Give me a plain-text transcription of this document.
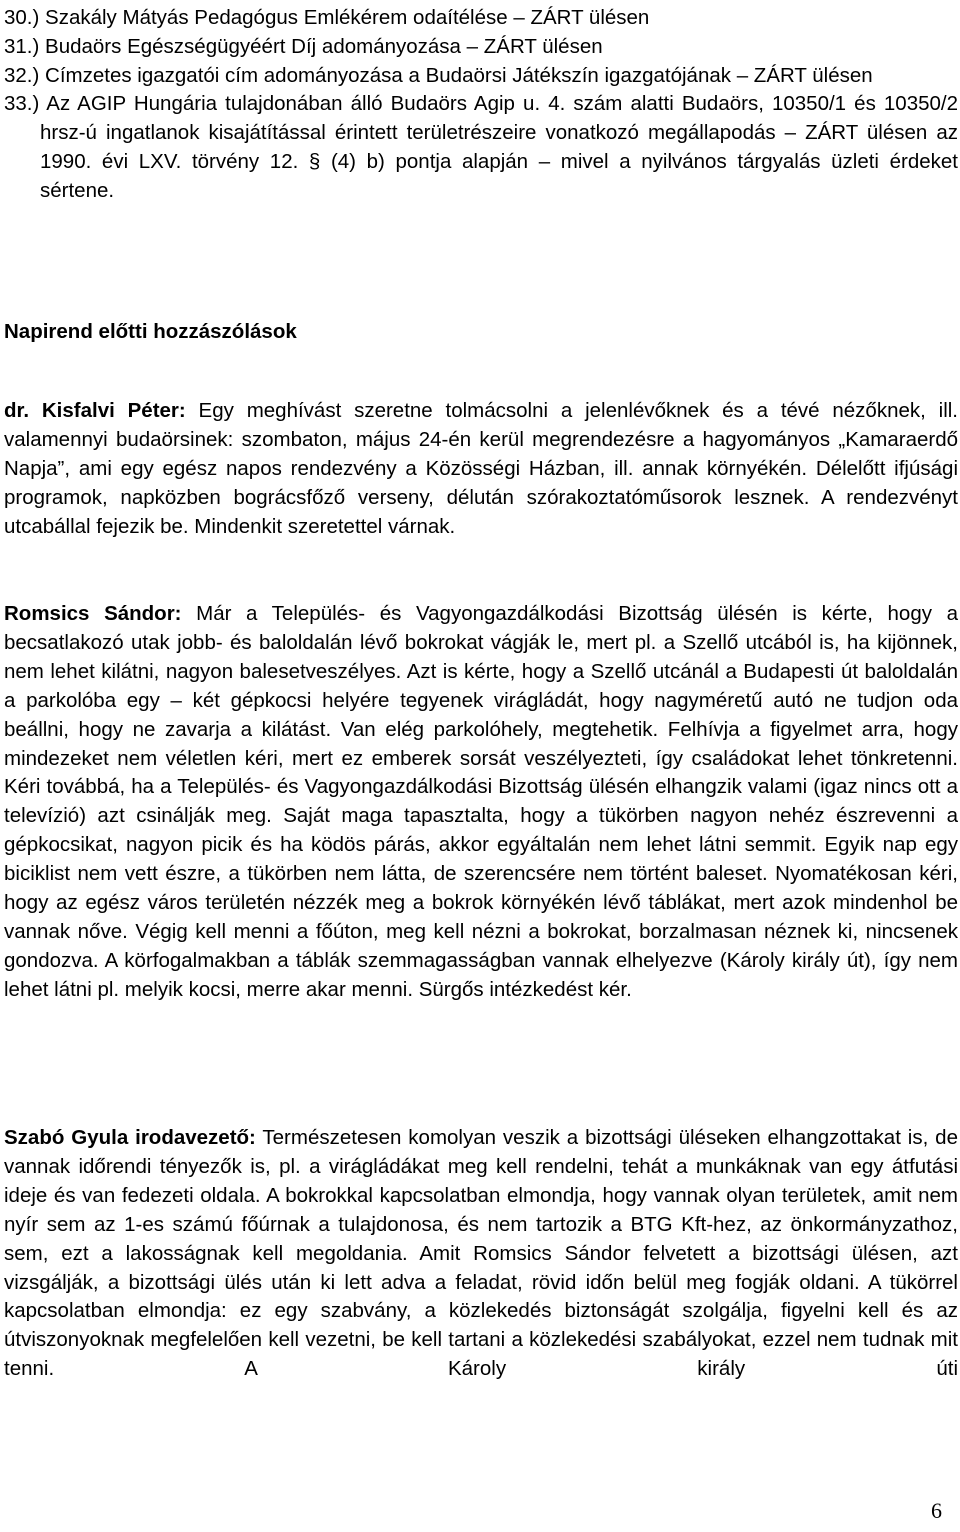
30.) Szakály Mátyás Pedagógus Emlékérem odaítélése – ZÁRT ülésen
31.) Budaörs Egészségügyéért Díj adományozása – ZÁRT ülésen
32.) Címzetes igazgatói cím adományozása a Budaörsi Játékszín igazgatójának – ZÁRT ülésen
33.) Az AGIP Hungária tulajdonában álló Budaörs Agip u. 4. szám alatti Budaörs, 10350/1 és 10350/2 hrsz-ú ingatlanok kisajátítással érintett területrészeire vonatkozó megállapodás – ZÁRT ülésen az 1990. évi LXV. törvény 12. § (4) b) pontja alapján – mivel a nyilvános tárgyalás üzleti érdeket sértene.
Napirend előtti hozzászólások

dr. Kisfalvi Péter: Egy meghívást szeretne tolmácsolni a jelenlévőknek és a tévé nézőknek, ill. valamennyi budaörsinek: szombaton, május 24-én kerül megrendezésre a hagyományos „Kamaraerdő Napja”, ami egy egész napos rendezvény a Közösségi Házban, ill. annak környékén. Délelőtt ifjúsági programok, napközben bográcsfőző verseny, délután szórakoztatóműsorok lesznek. A rendezvényt utcabállal fejezik be. Mindenkit szeretettel várnak.

Romsics Sándor: Már a Település- és Vagyongazdálkodási Bizottság ülésén is kérte, hogy a becsatlakozó utak jobb- és baloldalán lévő bokrokat vágják le, mert pl. a Szellő utcából is, ha kijönnek, nem lehet kilátni, nagyon balesetveszélyes. Azt is kérte, hogy a Szellő utcánál a Budapesti út baloldalán a parkolóba egy – két gépkocsi helyére tegyenek virágládát, hogy nagyméretű autó ne tudjon oda beállni, hogy ne zavarja a kilátást. Van elég parkolóhely, megtehetik. Felhívja a figyelmet arra, hogy mindezeket nem véletlen kéri, mert ez emberek sorsát veszélyezteti, így családokat lehet tönkretenni. Kéri továbbá, ha a Település- és Vagyongazdálkodási Bizottság ülésén elhangzik valami (igaz nincs ott a televízió) azt csinálják meg. Saját maga tapasztalta, hogy a tükörben nagyon nehéz észrevenni a gépkocsikat, nagyon picik és ha ködös párás, akkor egyáltalán nem lehet látni semmit. Egyik nap egy biciklist nem vett észre, a tükörben nem látta, de szerencsére nem történt baleset. Nyomatékosan kéri, hogy az egész város területén nézzék meg a bokrok környékén lévő táblákat, mert azok mindenhol be vannak nőve. Végig kell menni a főúton, meg kell nézni a bokrokat, borzalmasan néznek ki, nincsenek gondozva. A körfogalmakban a táblák szemmagasságban vannak elhelyezve (Károly király út), így nem lehet látni pl. melyik kocsi, merre akar menni. Sürgős intézkedést kér.

Szabó Gyula irodavezető: Természetesen komolyan veszik a bizottsági üléseken elhangzottakat is, de vannak időrendi tényezők is, pl. a virágládákat meg kell rendelni, tehát a munkáknak van egy átfutási ideje és van fedezeti oldala. A bokrokkal kapcsolatban elmondja, hogy vannak olyan területek, amit nem nyír sem az 1-es számú főúrnak a tulajdonosa, és nem tartozik a BTG Kft-hez, az önkormányzathoz, sem, ezt a lakosságnak kell megoldania. Amit Romsics Sándor felvetett a bizottsági ülésen, azt vizsgálják, a bizottsági ülés után ki lett adva a feladat, rövid időn belül meg fogják oldani. A tükörrel kapcsolatban elmondja: ez egy szabvány, a közlekedés biztonságát szolgálja, figyelni kell és az útviszonyoknak megfelelően kell vezetni, be kell tartani a közlekedési szabályokat, ezzel nem tudnak mit tenni. A Károly király úti

6
